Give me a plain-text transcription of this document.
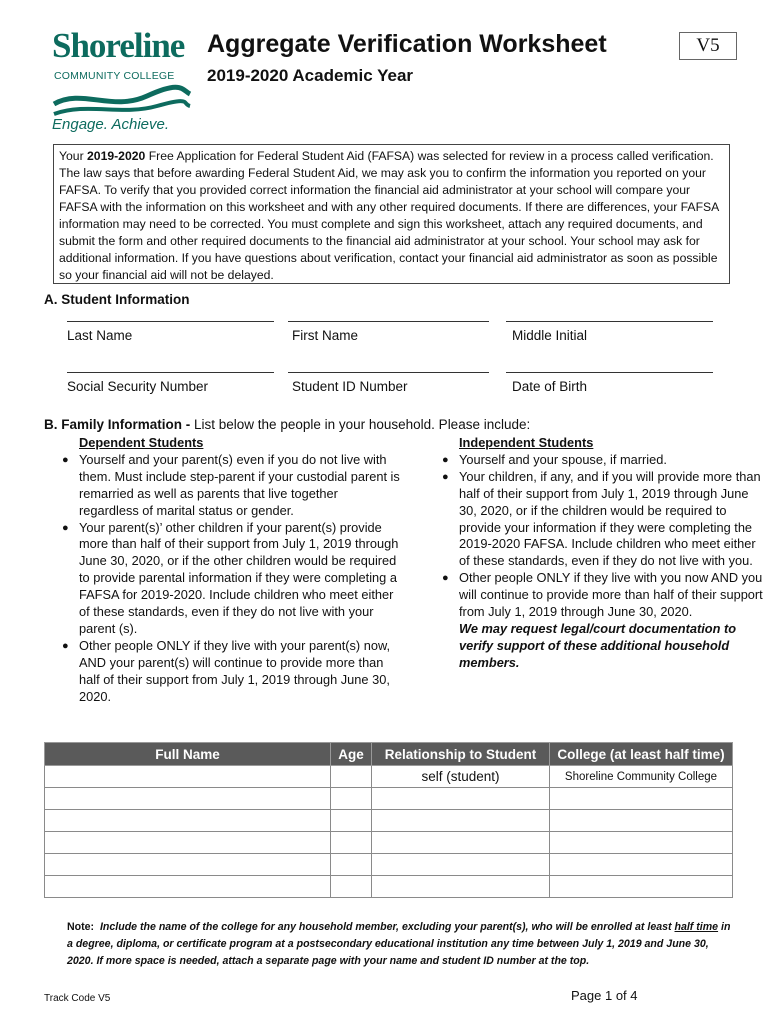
Shoreline
COMMUNITY COLLEGE
Engage. Achieve.
Aggregate Verification Worksheet
2019-2020 Academic Year
V5
Your 2019-2020 Free Application for Federal Student Aid (FAFSA) was selected for review in a process called verification. The law says that before awarding Federal Student Aid, we may ask you to confirm the information you reported on your FAFSA. To verify that you provided correct information the financial aid administrator at your school will compare your FAFSA with the information on this worksheet and with any other required documents. If there are differences, your FAFSA information may need to be corrected. You must complete and sign this worksheet, attach any required documents, and submit the form and other required documents to the financial aid administrator at your school. Your school may ask for additional information. If you have questions about verification, contact your financial aid administrator as soon as possible so your financial aid will not be delayed.
A. Student Information
Last Name	First Name	Middle Initial
Social Security Number	Student ID Number	Date of Birth
B. Family Information - List below the people in your household. Please include:
Dependent Students
● Yourself and your parent(s) even if you do not live with them. Must include step-parent if your custodial parent is remarried as well as parents that live together regardless of marital status or gender.
● Your parent(s)’ other children if your parent(s) provide more than half of their support from July 1, 2019 through June 30, 2020, or if the other children would be required to provide parental information if they were completing a FAFSA for 2019-2020. Include children who meet either of these standards, even if they do not live with your parent (s).
● Other people ONLY if they live with your parent(s) now, AND your parent(s) will continue to provide more than half of their support from July 1, 2019 through June 30, 2020.
Independent Students
● Yourself and your spouse, if married.
● Your children, if any, and if you will provide more than half of their support from July 1, 2019 through June 30, 2020, or if the children would be required to provide your information if they were completing the 2019-2020 FAFSA. Include children who meet either of these standards, even if they do not live with you.
● Other people ONLY if they live with you now AND you will continue to provide more than half of their support from July 1, 2019 through June 30, 2020.
We may request legal/court documentation to verify support of these additional household members.
Full Name	Age	Relationship to Student	College (at least half time)
		self (student)	Shoreline Community College

Note: Include the name of the college for any household member, excluding your parent(s), who will be enrolled at least half time in a degree, diploma, or certificate program at a postsecondary educational institution any time between July 1, 2019 and June 30, 2020. If more space is needed, attach a separate page with your name and student ID number at the top.
Track Code V5	Page 1 of 4
